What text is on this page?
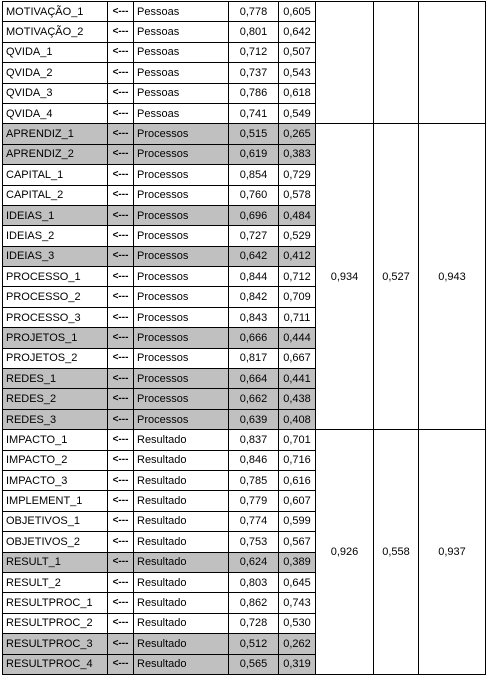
MOTIVAÇÃO_1	<---	Pessoas	0,778	0,605			
MOTIVAÇÃO_2	<---	Pessoas	0,801	0,642			
QVIDA_1	<---	Pessoas	0,712	0,507			
QVIDA_2	<---	Pessoas	0,737	0,543			
QVIDA_3	<---	Pessoas	0,786	0,618			
QVIDA_4	<---	Pessoas	0,741	0,549			
APRENDIZ_1	<---	Processos	0,515	0,265	0,934	0,527	0,943
APRENDIZ_2	<---	Processos	0,619	0,383			
CAPITAL_1	<---	Processos	0,854	0,729			
CAPITAL_2	<---	Processos	0,760	0,578			
IDEIAS_1	<---	Processos	0,696	0,484			
IDEIAS_2	<---	Processos	0,727	0,529			
IDEIAS_3	<---	Processos	0,642	0,412			
PROCESSO_1	<---	Processos	0,844	0,712			
PROCESSO_2	<---	Processos	0,842	0,709			
PROCESSO_3	<---	Processos	0,843	0,711			
PROJETOS_1	<---	Processos	0,666	0,444			
PROJETOS_2	<---	Processos	0,817	0,667			
REDES_1	<---	Processos	0,664	0,441			
REDES_2	<---	Processos	0,662	0,438			
REDES_3	<---	Processos	0,639	0,408			
IMPACTO_1	<---	Resultado	0,837	0,701	0,926	0,558	0,937
IMPACTO_2	<---	Resultado	0,846	0,716			
IMPACTO_3	<---	Resultado	0,785	0,616			
IMPLEMENT_1	<---	Resultado	0,779	0,607			
OBJETIVOS_1	<---	Resultado	0,774	0,599			
OBJETIVOS_2	<---	Resultado	0,753	0,567			
RESULT_1	<---	Resultado	0,624	0,389			
RESULT_2	<---	Resultado	0,803	0,645			
RESULTPROC_1	<---	Resultado	0,862	0,743			
RESULTPROC_2	<---	Resultado	0,728	0,530			
RESULTPROC_3	<---	Resultado	0,512	0,262			
RESULTPROC_4	<---	Resultado	0,565	0,319			
